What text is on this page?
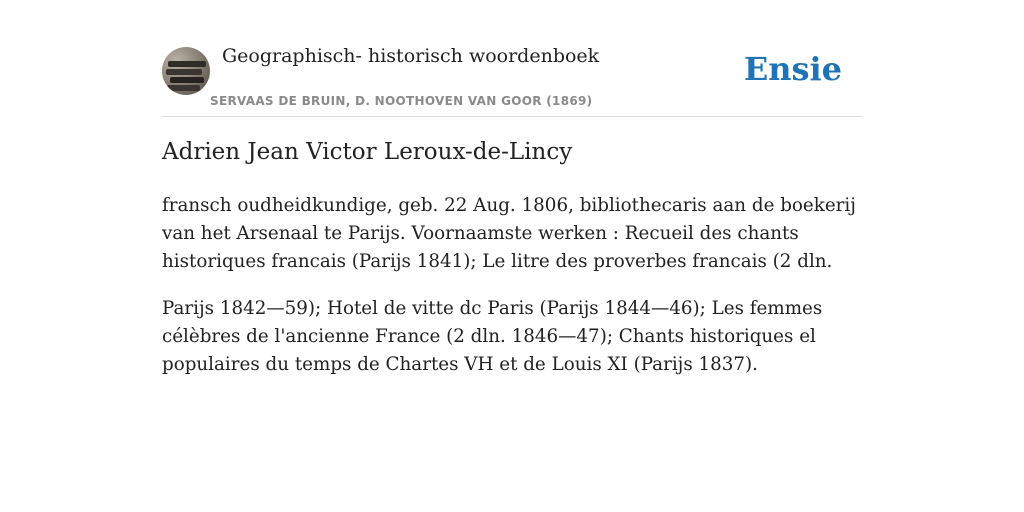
Geographisch- historisch woordenboek
SERVAAS DE BRUIN, D. NOOTHOVEN VAN GOOR (1869)
Ensie
Adrien Jean Victor Leroux-de-Lincy

fransch oudheidkundige, geb. 22 Aug. 1806, bibliothecaris aan de boekerij van het Arsenaal te Parijs. Voornaamste werken : Recueil des chants historiques francais (Parijs 1841); Le litre des proverbes francais (2 dln.

Parijs 1842—59); Hotel de vitte dc Paris (Parijs 1844—46); Les femmes célèbres de l'ancienne France (2 dln. 1846—47); Chants historiques el populaires du temps de Chartes VH et de Louis XI (Parijs 1837).
